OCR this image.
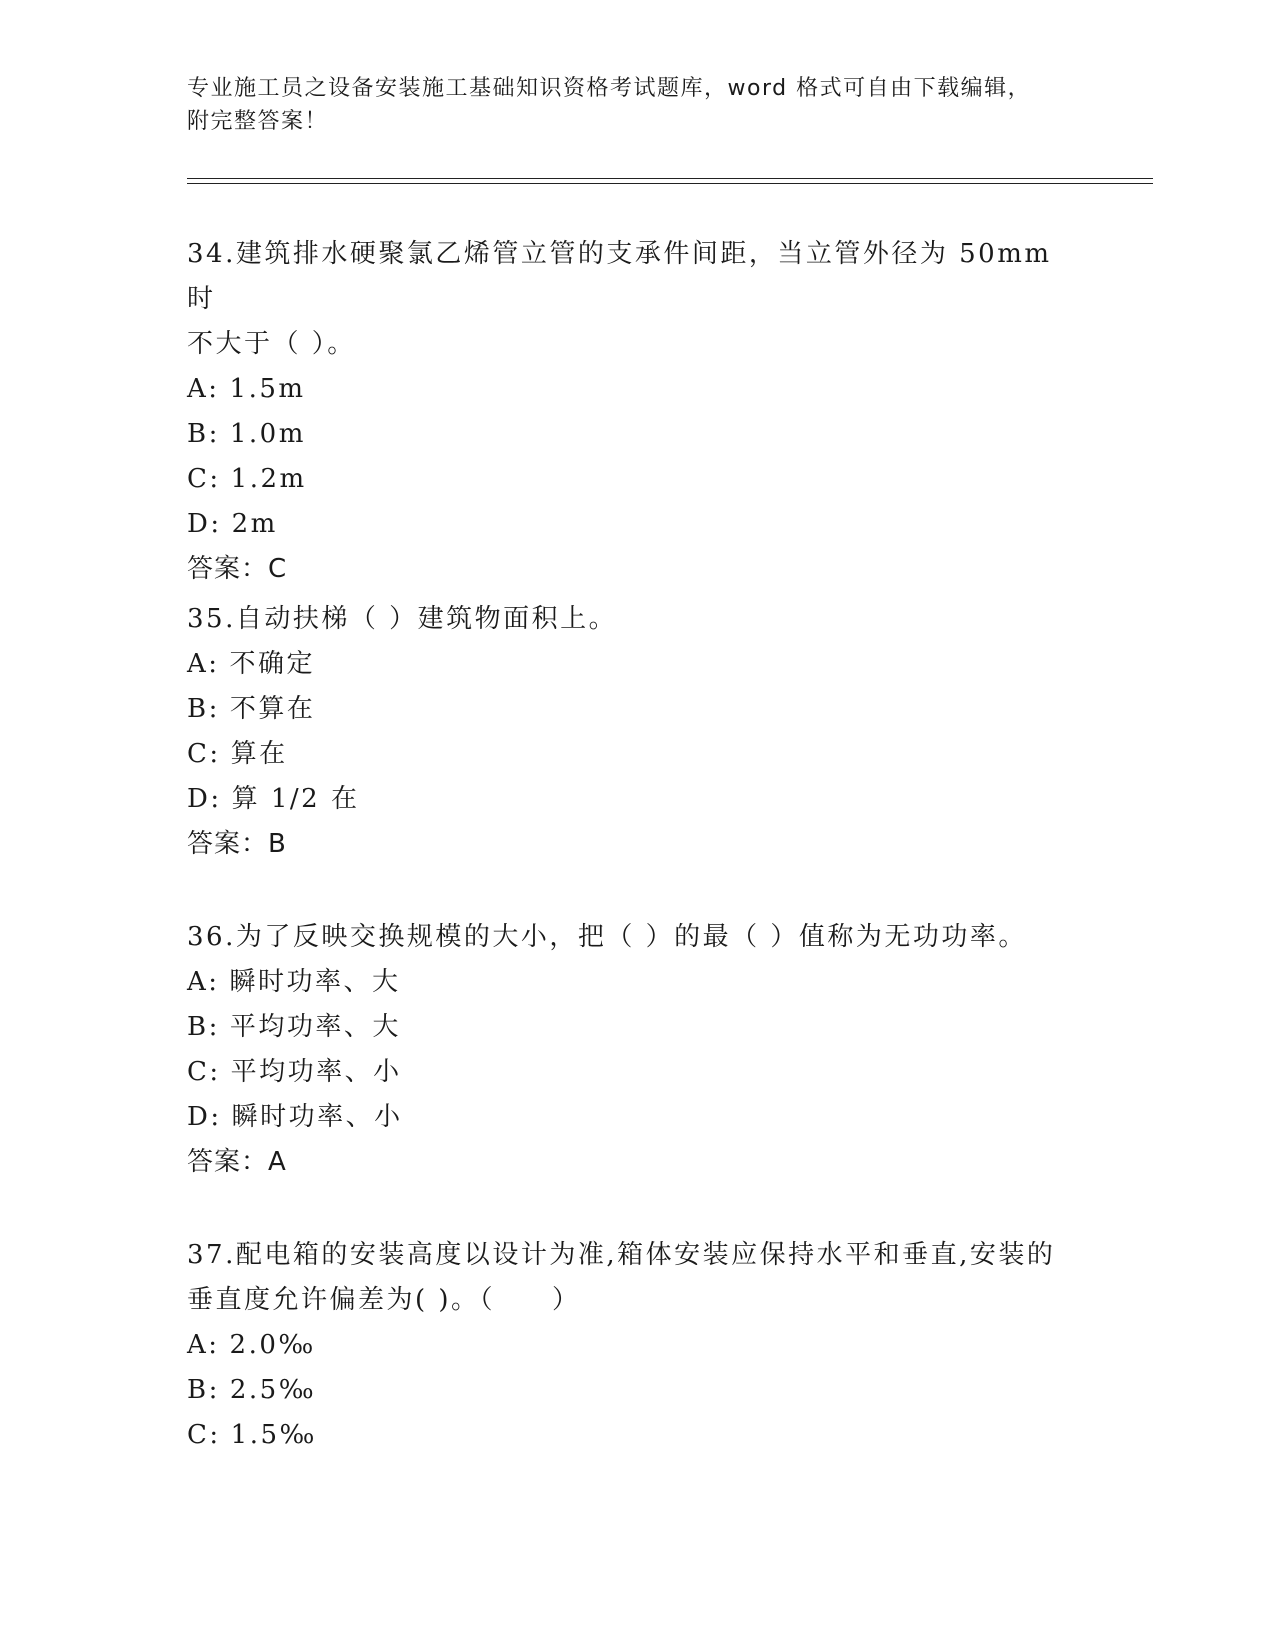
专业施工员之设备安装施工基础知识资格考试题库，word 格式可自由下载编辑，
附完整答案！

34.建筑排水硬聚氯乙烯管立管的支承件间距，当立管外径为 50mm 时

不大于（ ）。

A: 1.5m

B: 1.0m

C: 1.2m

D: 2m

答案：C

35.自动扶梯（ ）建筑物面积上。

A: 不确定

B: 不算在

C: 算在

D: 算 1/2 在

答案：B

36.为了反映交换规模的大小，把（ ）的最（ ）值称为无功功率。

A: 瞬时功率、大

B: 平均功率、大

C: 平均功率、小

D: 瞬时功率、小

答案：A

37.配电箱的安装高度以设计为准,箱体安装应保持水平和垂直,安装的

垂直度允许偏差为( )。（　　）

A: 2.0‰

B: 2.5‰

C: 1.5‰
